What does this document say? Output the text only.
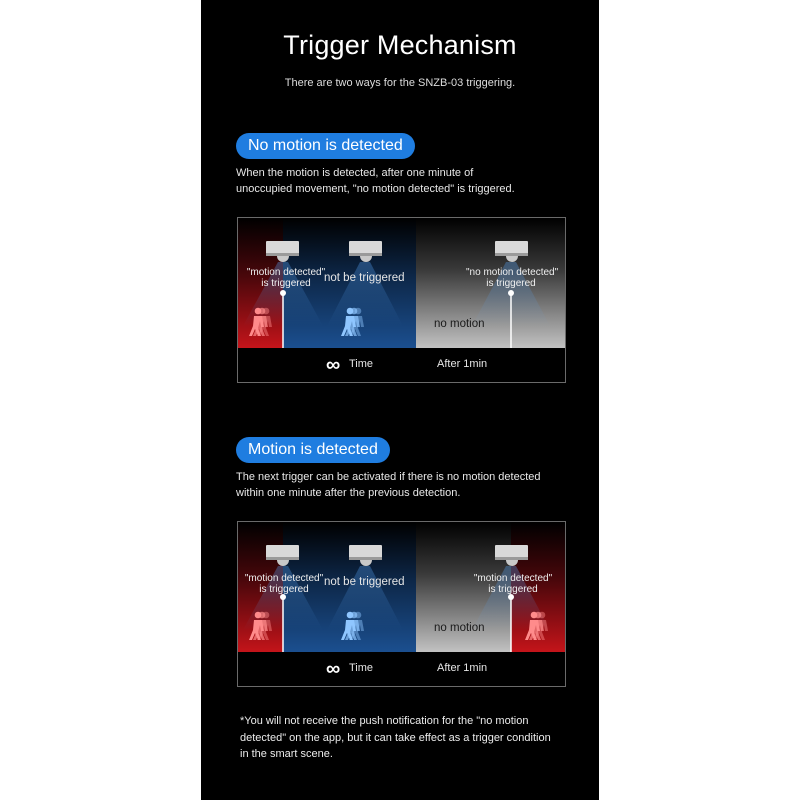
Trigger Mechanism
There are two ways for the SNZB-03 triggering.
No motion is detected
When the motion is detected, after one minute of
unoccupied movement, "no motion detected" is triggered.
"motion detected"
is triggered	not be triggered	"no motion detected"
is triggered
no motion
∞ Time	After 1min
Motion is detected
The next trigger can be activated if there is no motion detected
within one minute after the previous detection.
"motion detected"
is triggered
not be triggered	"motion detected"
is triggered
no motion
∞ Time	After 1min
*You will not receive the push notification for the "no motion
detected" on the app, but it can take effect as a trigger condition
in the smart scene.
